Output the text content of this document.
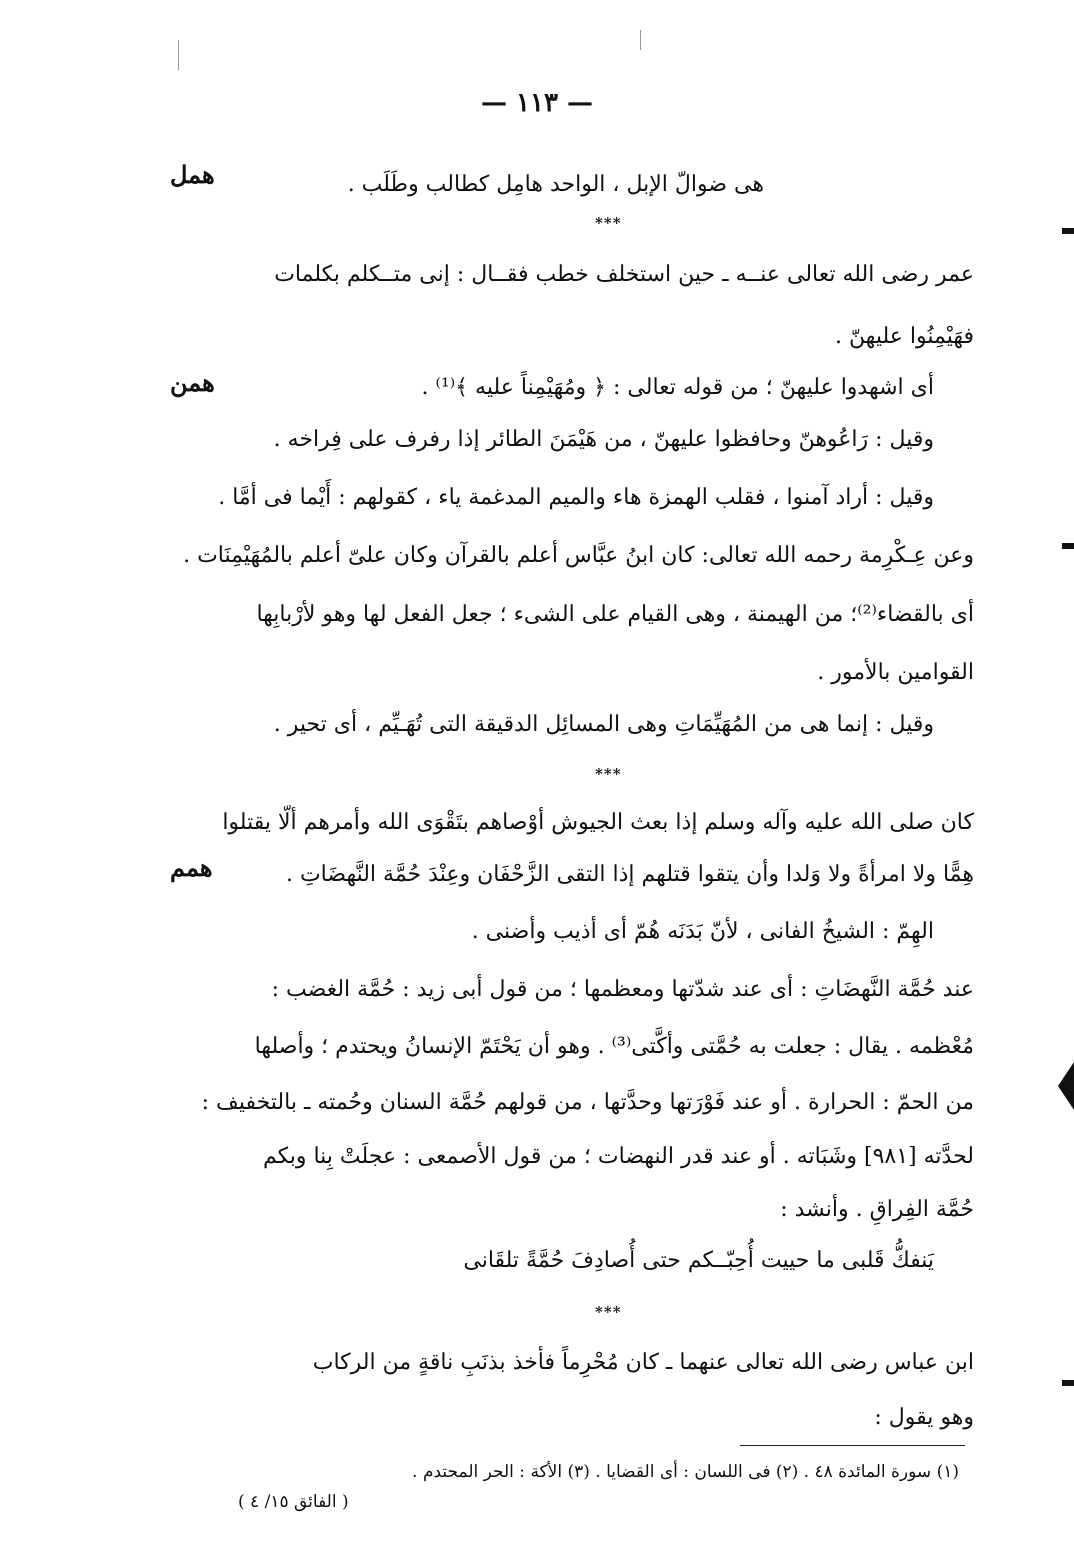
— ١١٣ —
همل
همن
همم
هى ضوالّ الإبل ، الواحد هامِل كطالب وطَلَب .
***
عمر رضى الله تعالى عنــه ـ حين استخلف خطب فقــال : إنى متــكلم بكلمات
فهَيْمِنُوا عليهنّ .
أى اشهدوا عليهنّ ؛ من قوله تعالى : ﴿ ومُهَيْمِناً عليه ﴾⁽¹⁾ .
وقيل : رَاعُوهنّ وحافظوا عليهنّ ، من هَيْمَنَ الطائر إذا رفرف على فِراخه .
وقيل : أراد آمنوا ، فقلب الهمزة هاء والميم المدغمة ياء ، كقولهم : أَيْما فى أمَّا .
وعن عِـكْرِمة رحمه الله تعالى: كان ابنُ عبَّاس أعلم بالقرآن وكان علىّ أعلم بالمُهَيْمِنَات .
أى بالقضاء⁽²⁾؛ من الهيمنة ، وهى القيام على الشىء ؛ جعل الفعل لها وهو لأرْبابِها
القوامين بالأمور .
وقيل : إنما هى من المُهَيِّمَاتِ وهى المسائِل الدقيقة التى تُهَـيِّم ، أى تحير .
***
كان صلى الله عليه وآله وسلم إذا بعث الجيوش أوْصاهم بتَقْوَى الله وأمرهم ألّا يقتلوا
هِمًّا ولا امرأةً ولا وَلدا وأن يتقوا قتلهم إذا التقى الزَّحْفَان وعِنْدَ حُمَّة النَّهضَاتِ .
الهِمّ : الشيخُ الفانى ، لأنّ بَدَنَه هُمّ أى أذيب وأضنى .
عند حُمَّة النَّهضَاتِ : أى عند شدّتها ومعظمها ؛ من قول أبى زيد : حُمَّة الغضب :
مُعْظمه . يقال : جعلت به حُمَّتى وأكَّتى⁽³⁾ . وهو أن يَحْتَمّ الإنسانُ ويحتدم ؛ وأصلها
من الحمّ : الحرارة . أو عند فَوْرَتها وحدَّتها ، من قولهم حُمَّة السنان وحُمته ـ بالتخفيف :
لحدَّته [٩٨١] وشَبَاته . أو عند قدر النهضات ؛ من قول الأصمعى : عجلَتْ بِنا وبكم
حُمَّة الفِراقِ . وأنشد :
يَنفكُّ قَلبى ما حييت أُحِبّــكم حتى أُصادِفَ حُمَّةً تلقَانى
***
ابن عباس رضى الله تعالى عنهما ـ كان مُحْرِماً فأخذ بذنَبِ ناقةٍ من الركاب
وهو يقول :
(١) سورة المائدة ٤٨ . (٢) فى اللسان : أى القضايا . (٣) الأكة : الحر المحتدم .
( الفائق ١٥/ ٤ )
